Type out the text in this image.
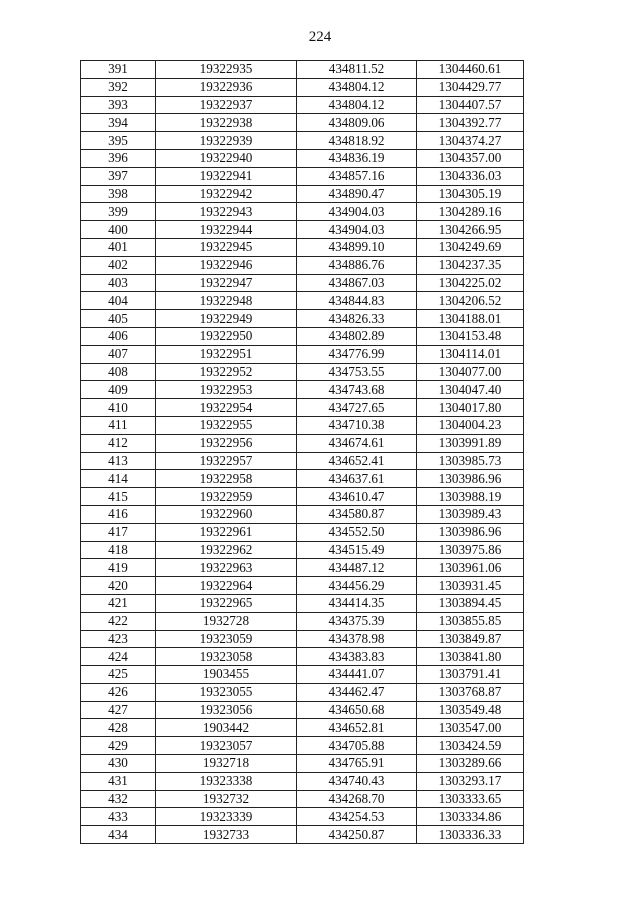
224
391	19322935	434811.52	1304460.61
392	19322936	434804.12	1304429.77
393	19322937	434804.12	1304407.57
394	19322938	434809.06	1304392.77
395	19322939	434818.92	1304374.27
396	19322940	434836.19	1304357.00
397	19322941	434857.16	1304336.03
398	19322942	434890.47	1304305.19
399	19322943	434904.03	1304289.16
400	19322944	434904.03	1304266.95
401	19322945	434899.10	1304249.69
402	19322946	434886.76	1304237.35
403	19322947	434867.03	1304225.02
404	19322948	434844.83	1304206.52
405	19322949	434826.33	1304188.01
406	19322950	434802.89	1304153.48
407	19322951	434776.99	1304114.01
408	19322952	434753.55	1304077.00
409	19322953	434743.68	1304047.40
410	19322954	434727.65	1304017.80
411	19322955	434710.38	1304004.23
412	19322956	434674.61	1303991.89
413	19322957	434652.41	1303985.73
414	19322958	434637.61	1303986.96
415	19322959	434610.47	1303988.19
416	19322960	434580.87	1303989.43
417	19322961	434552.50	1303986.96
418	19322962	434515.49	1303975.86
419	19322963	434487.12	1303961.06
420	19322964	434456.29	1303931.45
421	19322965	434414.35	1303894.45
422	1932728	434375.39	1303855.85
423	19323059	434378.98	1303849.87
424	19323058	434383.83	1303841.80
425	1903455	434441.07	1303791.41
426	19323055	434462.47	1303768.87
427	19323056	434650.68	1303549.48
428	1903442	434652.81	1303547.00
429	19323057	434705.88	1303424.59
430	1932718	434765.91	1303289.66
431	19323338	434740.43	1303293.17
432	1932732	434268.70	1303333.65
433	19323339	434254.53	1303334.86
434	1932733	434250.87	1303336.33
